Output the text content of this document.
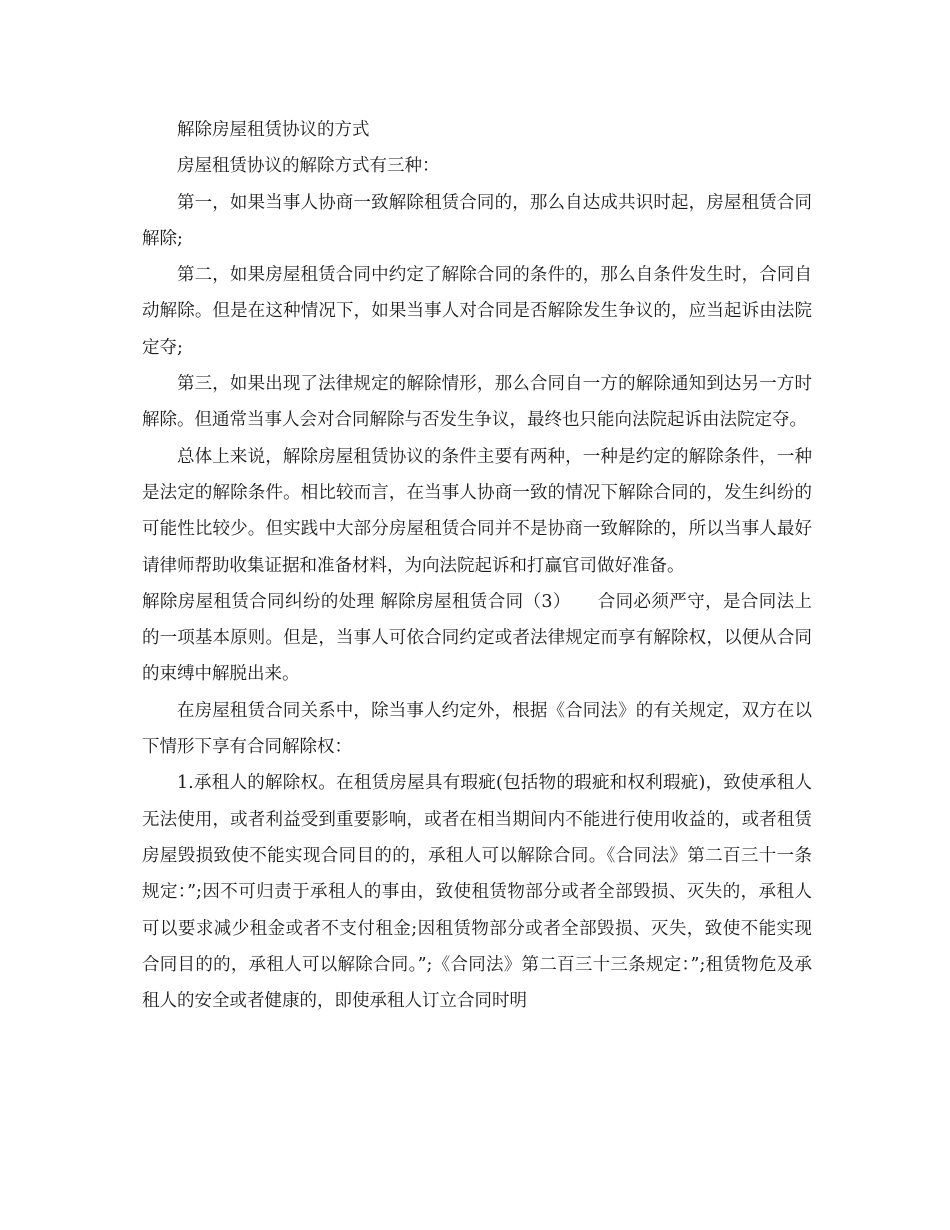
解除房屋租赁协议的方式

房屋租赁协议的解除方式有三种：

第一，如果当事人协商一致解除租赁合同的，那么自达成共识时起，房屋租赁合同解除;

第二，如果房屋租赁合同中约定了解除合同的条件的，那么自条件发生时，合同自动解除。但是在这种情况下，如果当事人对合同是否解除发生争议的，应当起诉由法院定夺;

第三，如果出现了法律规定的解除情形，那么合同自一方的解除通知到达另一方时解除。但通常当事人会对合同解除与否发生争议，最终也只能向法院起诉由法院定夺。

总体上来说，解除房屋租赁协议的条件主要有两种，一种是约定的解除条件，一种是法定的解除条件。相比较而言，在当事人协商一致的情况下解除合同的，发生纠纷的可能性比较少。但实践中大部分房屋租赁合同并不是协商一致解除的，所以当事人最好请律师帮助收集证据和准备材料，为向法院起诉和打赢官司做好准备。

解除房屋租赁合同纠纷的处理 解除房屋租赁合同（3）　　合同必须严守，是合同法上的一项基本原则。但是，当事人可依合同约定或者法律规定而享有解除权，以便从合同的束缚中解脱出来。

在房屋租赁合同关系中，除当事人约定外，根据《合同法》的有关规定，双方在以下情形下享有合同解除权：

1.承租人的解除权。在租赁房屋具有瑕疵(包括物的瑕疵和权利瑕疵)，致使承租人无法使用，或者利益受到重要影响，或者在相当期间内不能进行使用收益的，或者租赁房屋毁损致使不能实现合同目的的，承租人可以解除合同。《合同法》第二百三十一条规定：”;因不可归责于承租人的事由，致使租赁物部分或者全部毁损、灭失的，承租人可以要求减少租金或者不支付租金;因租赁物部分或者全部毁损、灭失，致使不能实现合同目的的，承租人可以解除合同。”;《合同法》第二百三十三条规定：”;租赁物危及承租人的安全或者健康的，即使承租人订立合同时明
